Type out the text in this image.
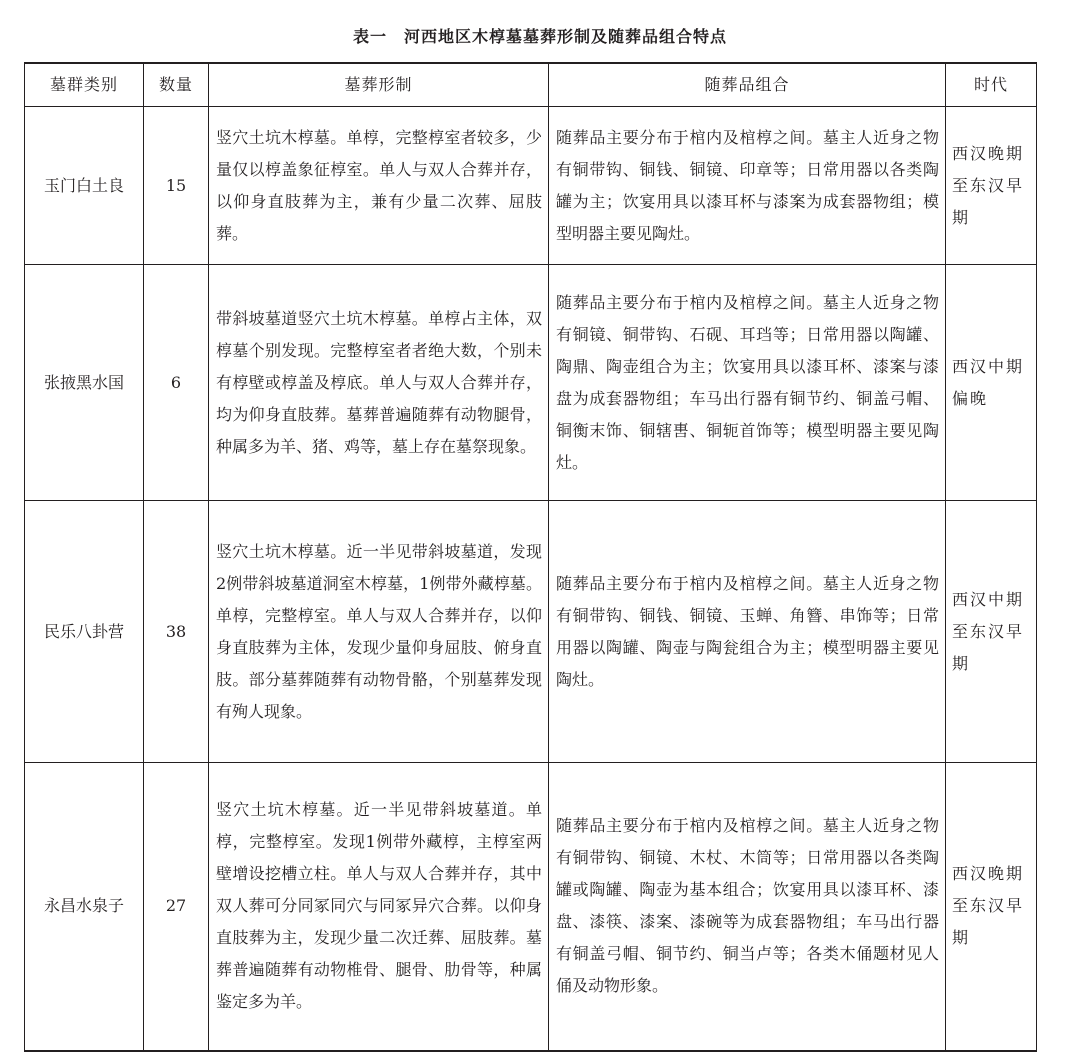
表一　河西地区木椁墓墓葬形制及随葬品组合特点
墓群类别	数量	墓葬形制	随葬品组合	时代
玉门白土良	15	竖穴土坑木椁墓。单椁，完整椁室者较多，少量仅以椁盖象征椁室。单人与双人合葬并存，以仰身直肢葬为主，兼有少量二次葬、屈肢葬。	随葬品主要分布于棺内及棺椁之间。墓主人近身之物有铜带钩、铜钱、铜镜、印章等；日常用器以各类陶罐为主；饮宴用具以漆耳杯与漆案为成套器物组；模型明器主要见陶灶。	西汉晚期至东汉早期
张掖黑水国	6	带斜坡墓道竖穴土坑木椁墓。单椁占主体，双椁墓个别发现。完整椁室者者绝大数，个别未有椁壁或椁盖及椁底。单人与双人合葬并存，均为仰身直肢葬。墓葬普遍随葬有动物腿骨，种属多为羊、猪、鸡等，墓上存在墓祭现象。	随葬品主要分布于棺内及棺椁之间。墓主人近身之物有铜镜、铜带钩、石砚、耳珰等；日常用器以陶罐、陶鼎、陶壶组合为主；饮宴用具以漆耳杯、漆案与漆盘为成套器物组；车马出行器有铜节约、铜盖弓帽、铜衡末饰、铜辖軎、铜轭首饰等；模型明器主要见陶灶。	西汉中期偏晚
民乐八卦营	38	竖穴土坑木椁墓。近一半见带斜坡墓道，发现2例带斜坡墓道洞室木椁墓，1例带外藏椁墓。单椁，完整椁室。单人与双人合葬并存，以仰身直肢葬为主体，发现少量仰身屈肢、俯身直肢。部分墓葬随葬有动物骨骼，个别墓葬发现有殉人现象。	随葬品主要分布于棺内及棺椁之间。墓主人近身之物有铜带钩、铜钱、铜镜、玉蝉、角簪、串饰等；日常用器以陶罐、陶壶与陶瓮组合为主；模型明器主要见陶灶。	西汉中期至东汉早期
永昌水泉子	27	竖穴土坑木椁墓。近一半见带斜坡墓道。单椁，完整椁室。发现1例带外藏椁，主椁室两壁增设挖槽立柱。单人与双人合葬并存，其中双人葬可分同冢同穴与同冢异穴合葬。以仰身直肢葬为主，发现少量二次迁葬、屈肢葬。墓葬普遍随葬有动物椎骨、腿骨、肋骨等，种属鉴定多为羊。	随葬品主要分布于棺内及棺椁之间。墓主人近身之物有铜带钩、铜镜、木杖、木筒等；日常用器以各类陶罐或陶罐、陶壶为基本组合；饮宴用具以漆耳杯、漆盘、漆筷、漆案、漆碗等为成套器物组；车马出行器有铜盖弓帽、铜节约、铜当卢等；各类木俑题材见人俑及动物形象。	西汉晚期至东汉早期
